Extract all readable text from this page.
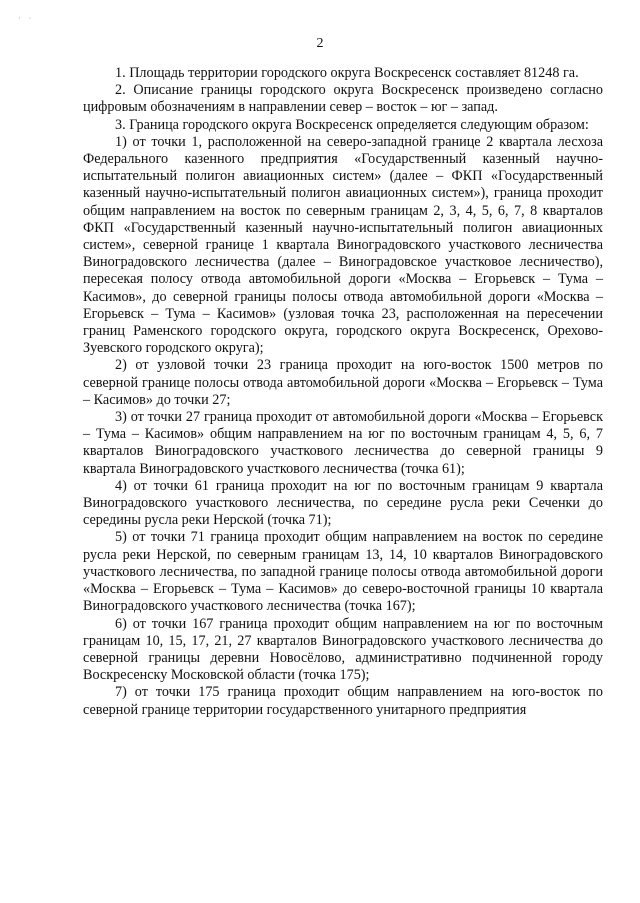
· ·
2

1. Площадь территории городского округа Воскресенск составляет 81248 га.

2. Описание границы городского округа Воскресенск произведено согласно цифровым обозначениям в направлении север – восток – юг – запад.

3. Граница городского округа Воскресенск определяется следующим образом:

1) от точки 1, расположенной на северо-западной границе 2 квартала лесхоза Федерального казенного предприятия «Государственный казенный научно-испытательный полигон авиационных систем» (далее – ФКП «Государственный казенный научно-испытательный полигон авиационных систем»), граница проходит общим направлением на восток по северным границам 2, 3, 4, 5, 6, 7, 8 кварталов ФКП «Государственный казенный научно-испытательный полигон авиационных систем», северной границе 1 квартала Виноградовского участкового лесничества Виноградовского лесничества (далее – Виноградовское участковое лесничество), пересекая полосу отвода автомобильной дороги «Москва – Егорьевск – Тума – Касимов», до северной границы полосы отвода автомобильной дороги «Москва – Егорьевск – Тума – Касимов» (узловая точка 23, расположенная на пересечении границ Раменского городского округа, городского округа Воскресенск, Орехово-Зуевского городского округа);

2) от узловой точки 23 граница проходит на юго-восток 1500 метров по северной границе полосы отвода автомобильной дороги «Москва – Егорьевск – Тума – Касимов» до точки 27;

3) от точки 27 граница проходит от автомобильной дороги «Москва – Егорьевск – Тума – Касимов» общим направлением на юг по восточным границам 4, 5, 6, 7 кварталов Виноградовского участкового лесничества до северной границы 9 квартала Виноградовского участкового лесничества (точка 61);

4) от точки 61 граница проходит на юг по восточным границам 9 квартала Виноградовского участкового лесничества, по середине русла реки Сеченки до середины русла реки Нерской (точка 71);

5) от точки 71 граница проходит общим направлением на восток по середине русла реки Нерской, по северным границам 13, 14, 10 кварталов Виноградовского участкового лесничества, по западной границе полосы отвода автомобильной дороги «Москва – Егорьевск – Тума – Касимов» до северо-восточной границы 10 квартала Виноградовского участкового лесничества (точка 167);

6) от точки 167 граница проходит общим направлением на юг по восточным границам 10, 15, 17, 21, 27 кварталов Виноградовского участкового лесничества до северной границы деревни Новосёлово, административно подчиненной городу Воскресенску Московской области (точка 175);

7) от точки 175 граница проходит общим направлением на юго-восток по северной границе территории государственного унитарного предприятия
